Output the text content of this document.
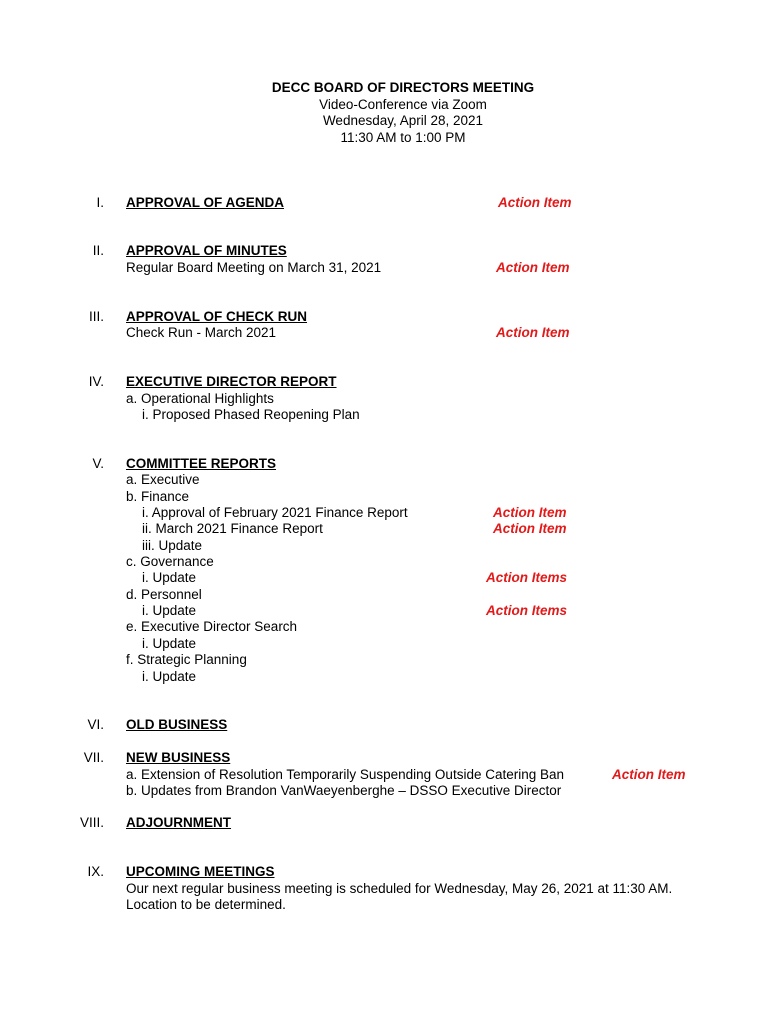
DECC BOARD OF DIRECTORS MEETING
Video-Conference via Zoom
Wednesday, April 28, 2021
11:30 AM to 1:00 PM
I. APPROVAL OF AGENDA	Action Item
II. APPROVAL OF MINUTES
Regular Board Meeting on March 31, 2021	Action Item
III. APPROVAL OF CHECK RUN
Check Run - March 2021	Action Item
IV. EXECUTIVE DIRECTOR REPORT
a. Operational Highlights
i. Proposed Phased Reopening Plan
V. COMMITTEE REPORTS
a. Executive
b. Finance
i. Approval of February 2021 Finance Report	Action Item
ii. March 2021 Finance Report	Action Item
iii. Update
c. Governance
i. Update	Action Items
d. Personnel
i. Update	Action Items
e. Executive Director Search
i. Update
f. Strategic Planning
i. Update
VI. OLD BUSINESS
VII. NEW BUSINESS
a. Extension of Resolution Temporarily Suspending Outside Catering Ban	Action Item
b. Updates from Brandon VanWaeyenberghe – DSSO Executive Director
VIII. ADJOURNMENT
IX. UPCOMING MEETINGS
Our next regular business meeting is scheduled for Wednesday, May 26, 2021 at 11:30 AM.
Location to be determined.
